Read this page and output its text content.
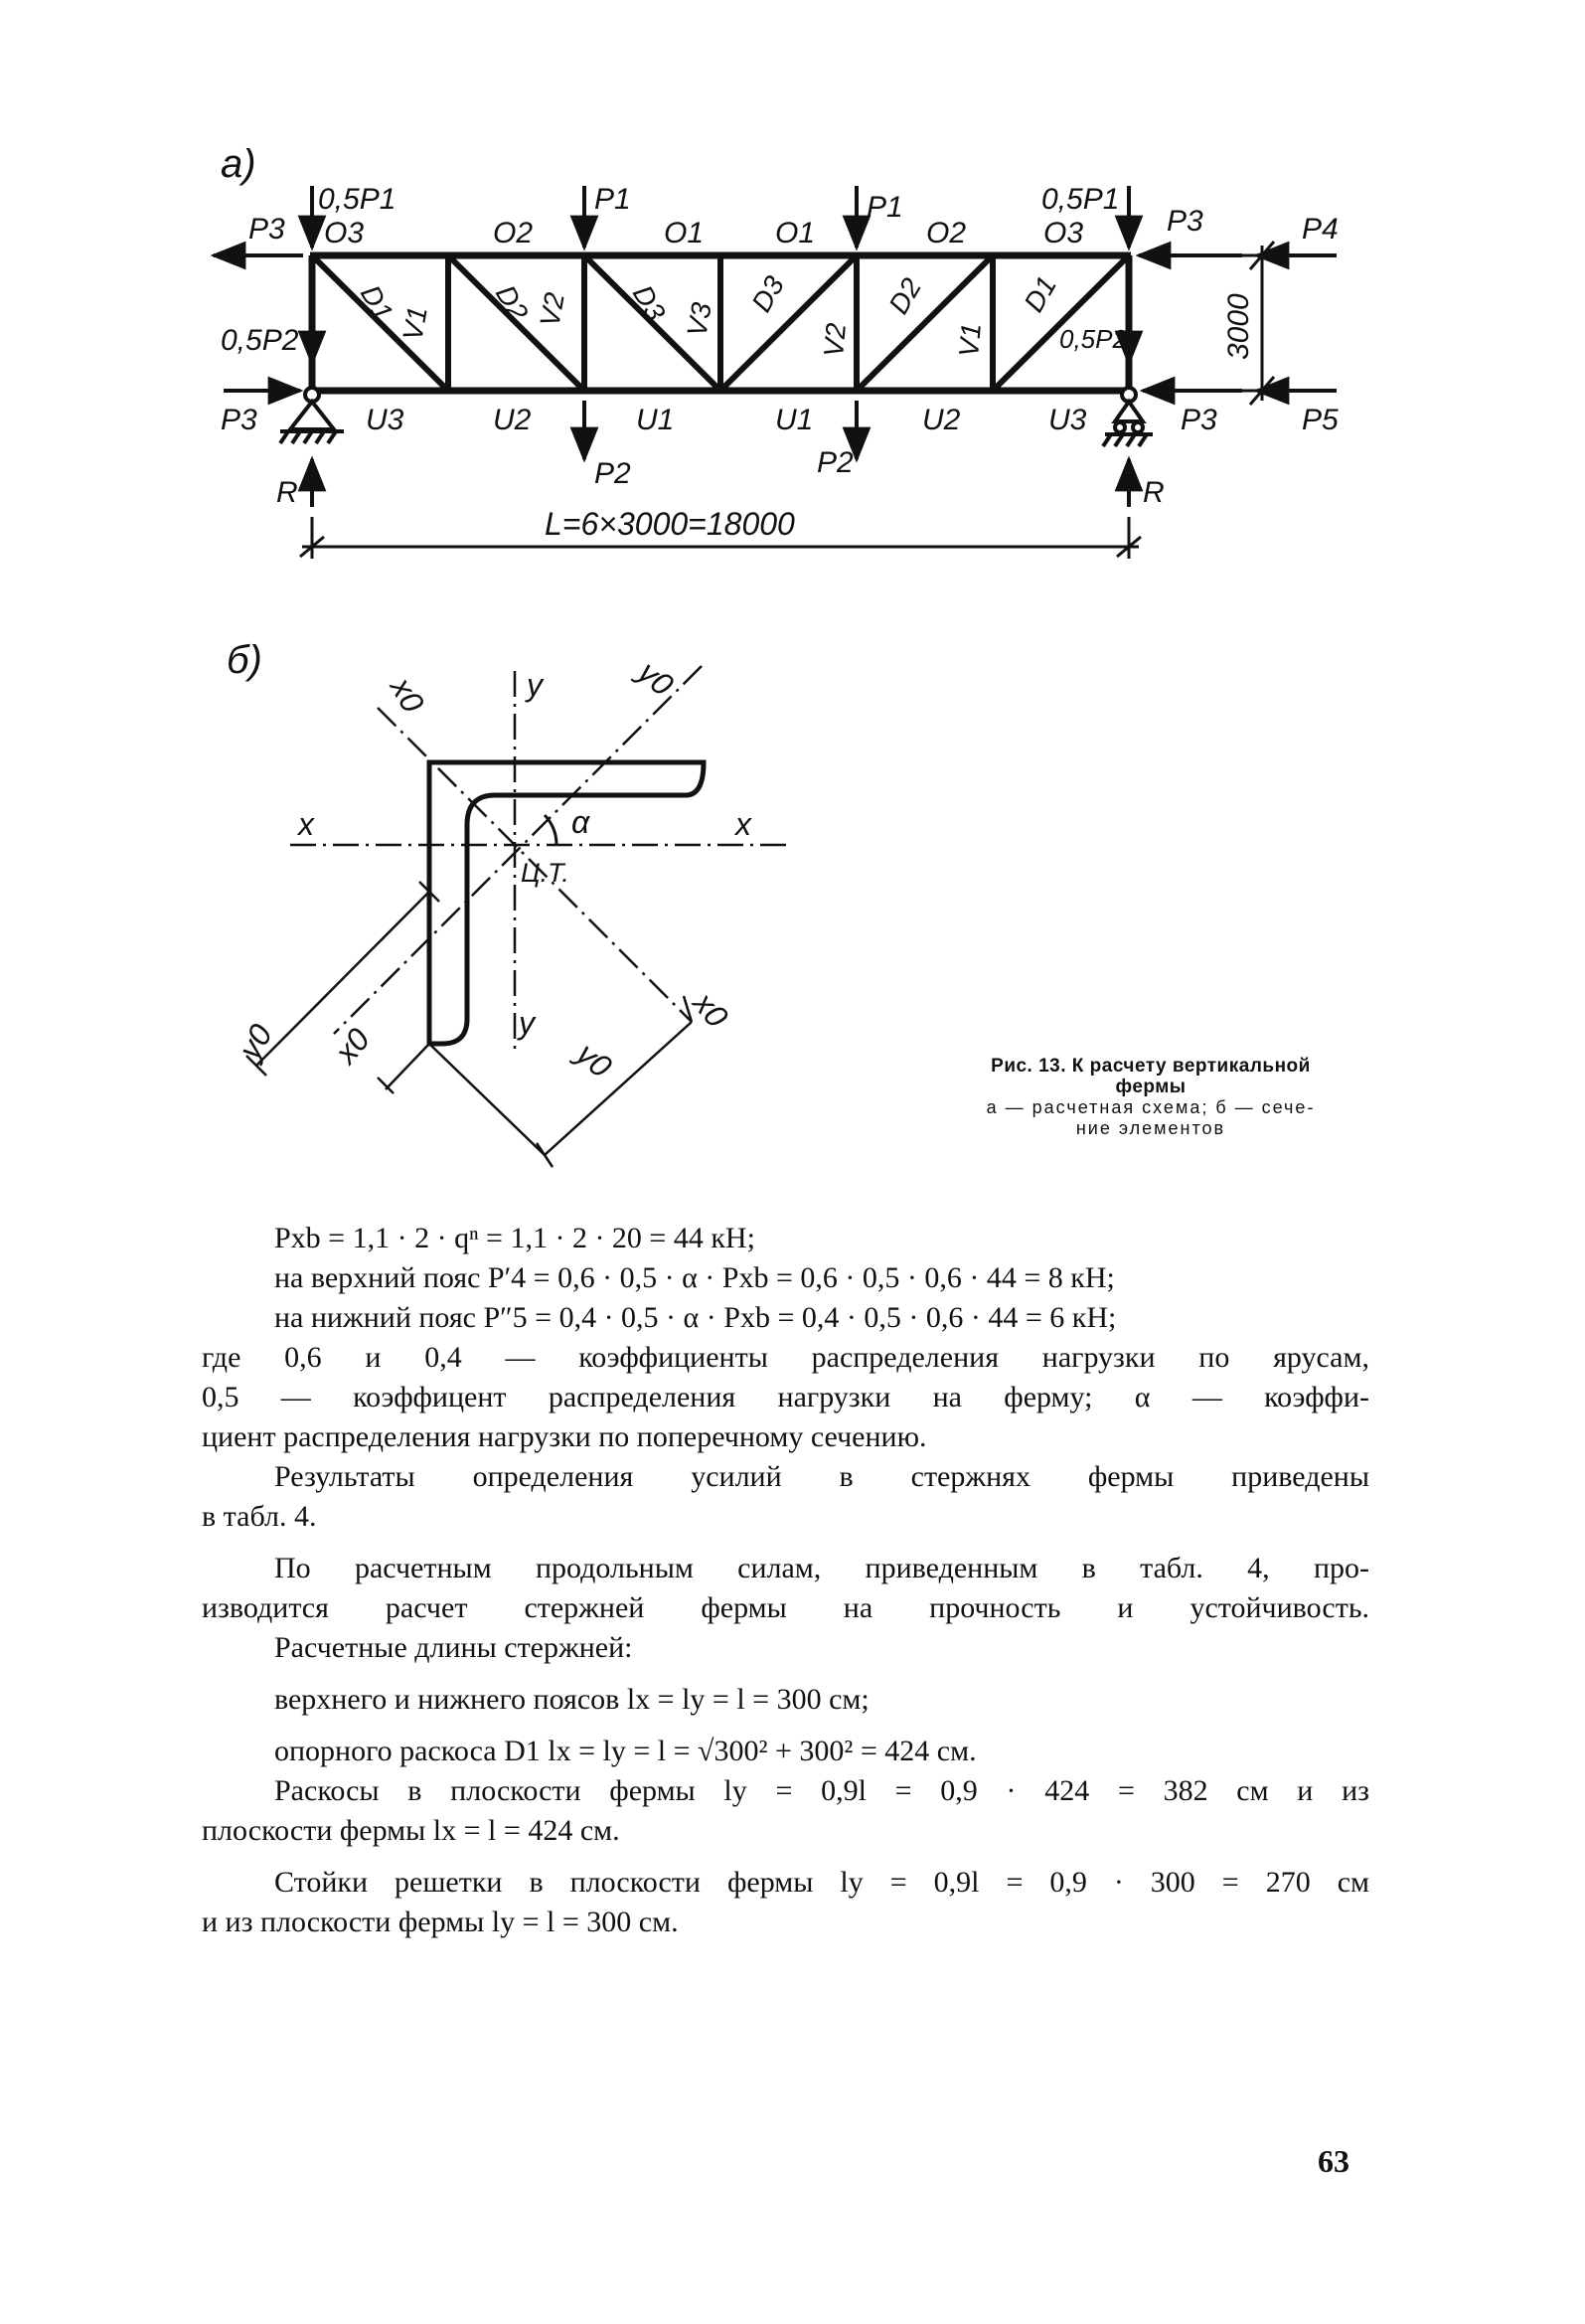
а)
P3
0,5P1	P1	P1	0,5P1
P3	P4
0,5P2	0,5P2
P3	P3	P5
P2	P2
R	R
O3	O2	O1 O1	O2	O3
U3	U2	U1	U1	U2	U3
D1	D2	D3	D3	D2	D1
V1	V2	V3
V2	V1	3000
L=6×3000=18000
б)
x	x
y
y
α
Ц.Т.
x0	y0
y0 x0
x0
y0	Рис. 13. К расчету вертикальной
фермы
а — расчетная схема; б — сече-
ние элементов

Pxb = 1,1 · 2 · qⁿ = 1,1 · 2 · 20 = 44 кН;

на верхний пояс P′4 = 0,6 · 0,5 · α · Pxb = 0,6 · 0,5 · 0,6 · 44 = 8 кН;

на нижний пояс P″5 = 0,4 · 0,5 · α · Pxb = 0,4 · 0,5 · 0,6 · 44 = 6 кН;

где 0,6 и 0,4 — коэффициенты распределения нагрузки по ярусам,

0,5 — коэффицент распределения нагрузки на ферму; α — коэффи-

циент распределения нагрузки по поперечному сечению.

Результаты определения усилий в стержнях фермы приведены

в табл. 4.

По расчетным продольным силам, приведенным в табл. 4, про-

изводится расчет стержней фермы на прочность и устойчивость.

Расчетные длины стержней:

верхнего и нижнего поясов lx = ly = l = 300 см;

опорного раскоса D1 lx = ly = l = √300² + 300² = 424 см.

Раскосы в плоскости фермы ly = 0,9l = 0,9 · 424 = 382 см и из

плоскости фермы lx = l = 424 см.

Стойки решетки в плоскости фермы ly = 0,9l = 0,9 · 300 = 270 см

и из плоскости фермы ly = l = 300 см.

63
